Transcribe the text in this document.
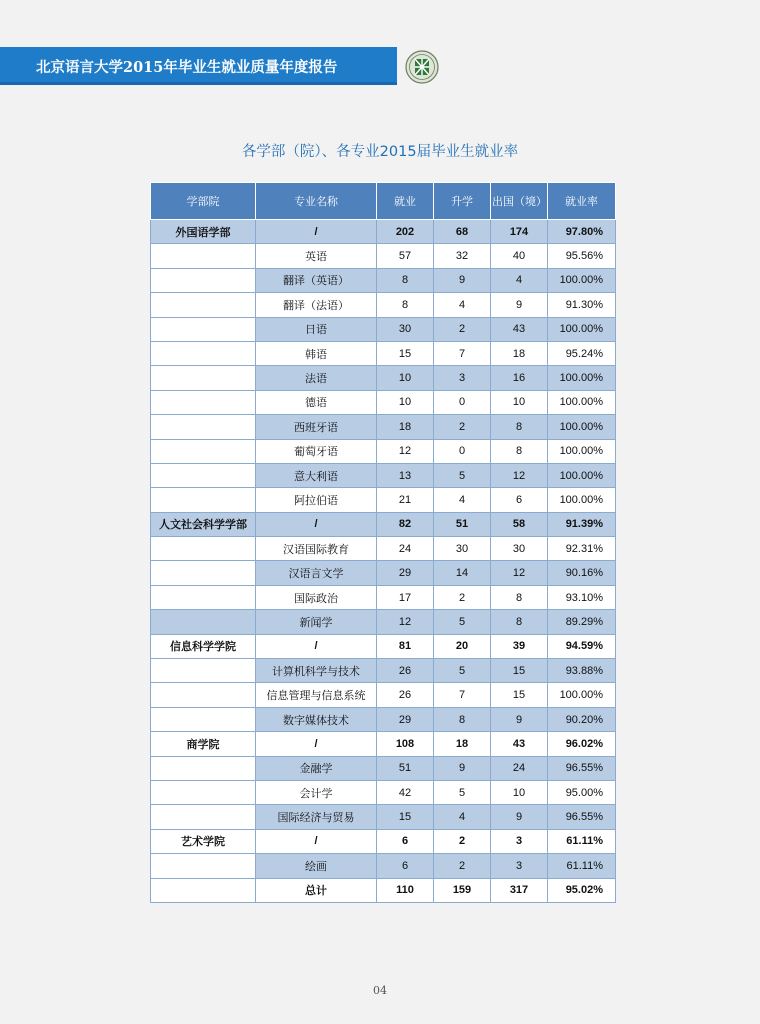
北京语言大学2015年毕业生就业质量年度报告
各学部（院）、各专业2015届毕业生就业率
学部院	专业名称	就业	升学	出国（境）	就业率
外国语学部	/	202	68	174	97.80%
	英语	57	32	40	95.56%
	翻译（英语）	8	9	4	100.00%
	翻译（法语）	8	4	9	91.30%
	日语	30	2	43	100.00%
	韩语	15	7	18	95.24%
	法语	10	3	16	100.00%
	德语	10	0	10	100.00%
	西班牙语	18	2	8	100.00%
	葡萄牙语	12	0	8	100.00%
	意大利语	13	5	12	100.00%
	阿拉伯语	21	4	6	100.00%
人文社会科学学部	/	82	51	58	91.39%
	汉语国际教育	24	30	30	92.31%
	汉语言文学	29	14	12	90.16%
	国际政治	17	2	8	93.10%
	新闻学	12	5	8	89.29%
信息科学学院	/	81	20	39	94.59%
	计算机科学与技术	26	5	15	93.88%
	信息管理与信息系统	26	7	15	100.00%
	数字媒体技术	29	8	9	90.20%
商学院	/	108	18	43	96.02%
	金融学	51	9	24	96.55%
	会计学	42	5	10	95.00%
	国际经济与贸易	15	4	9	96.55%
艺术学院	/	6	2	3	61.11%
	绘画	6	2	3	61.11%
	总计	110	159	317	95.02%
04
